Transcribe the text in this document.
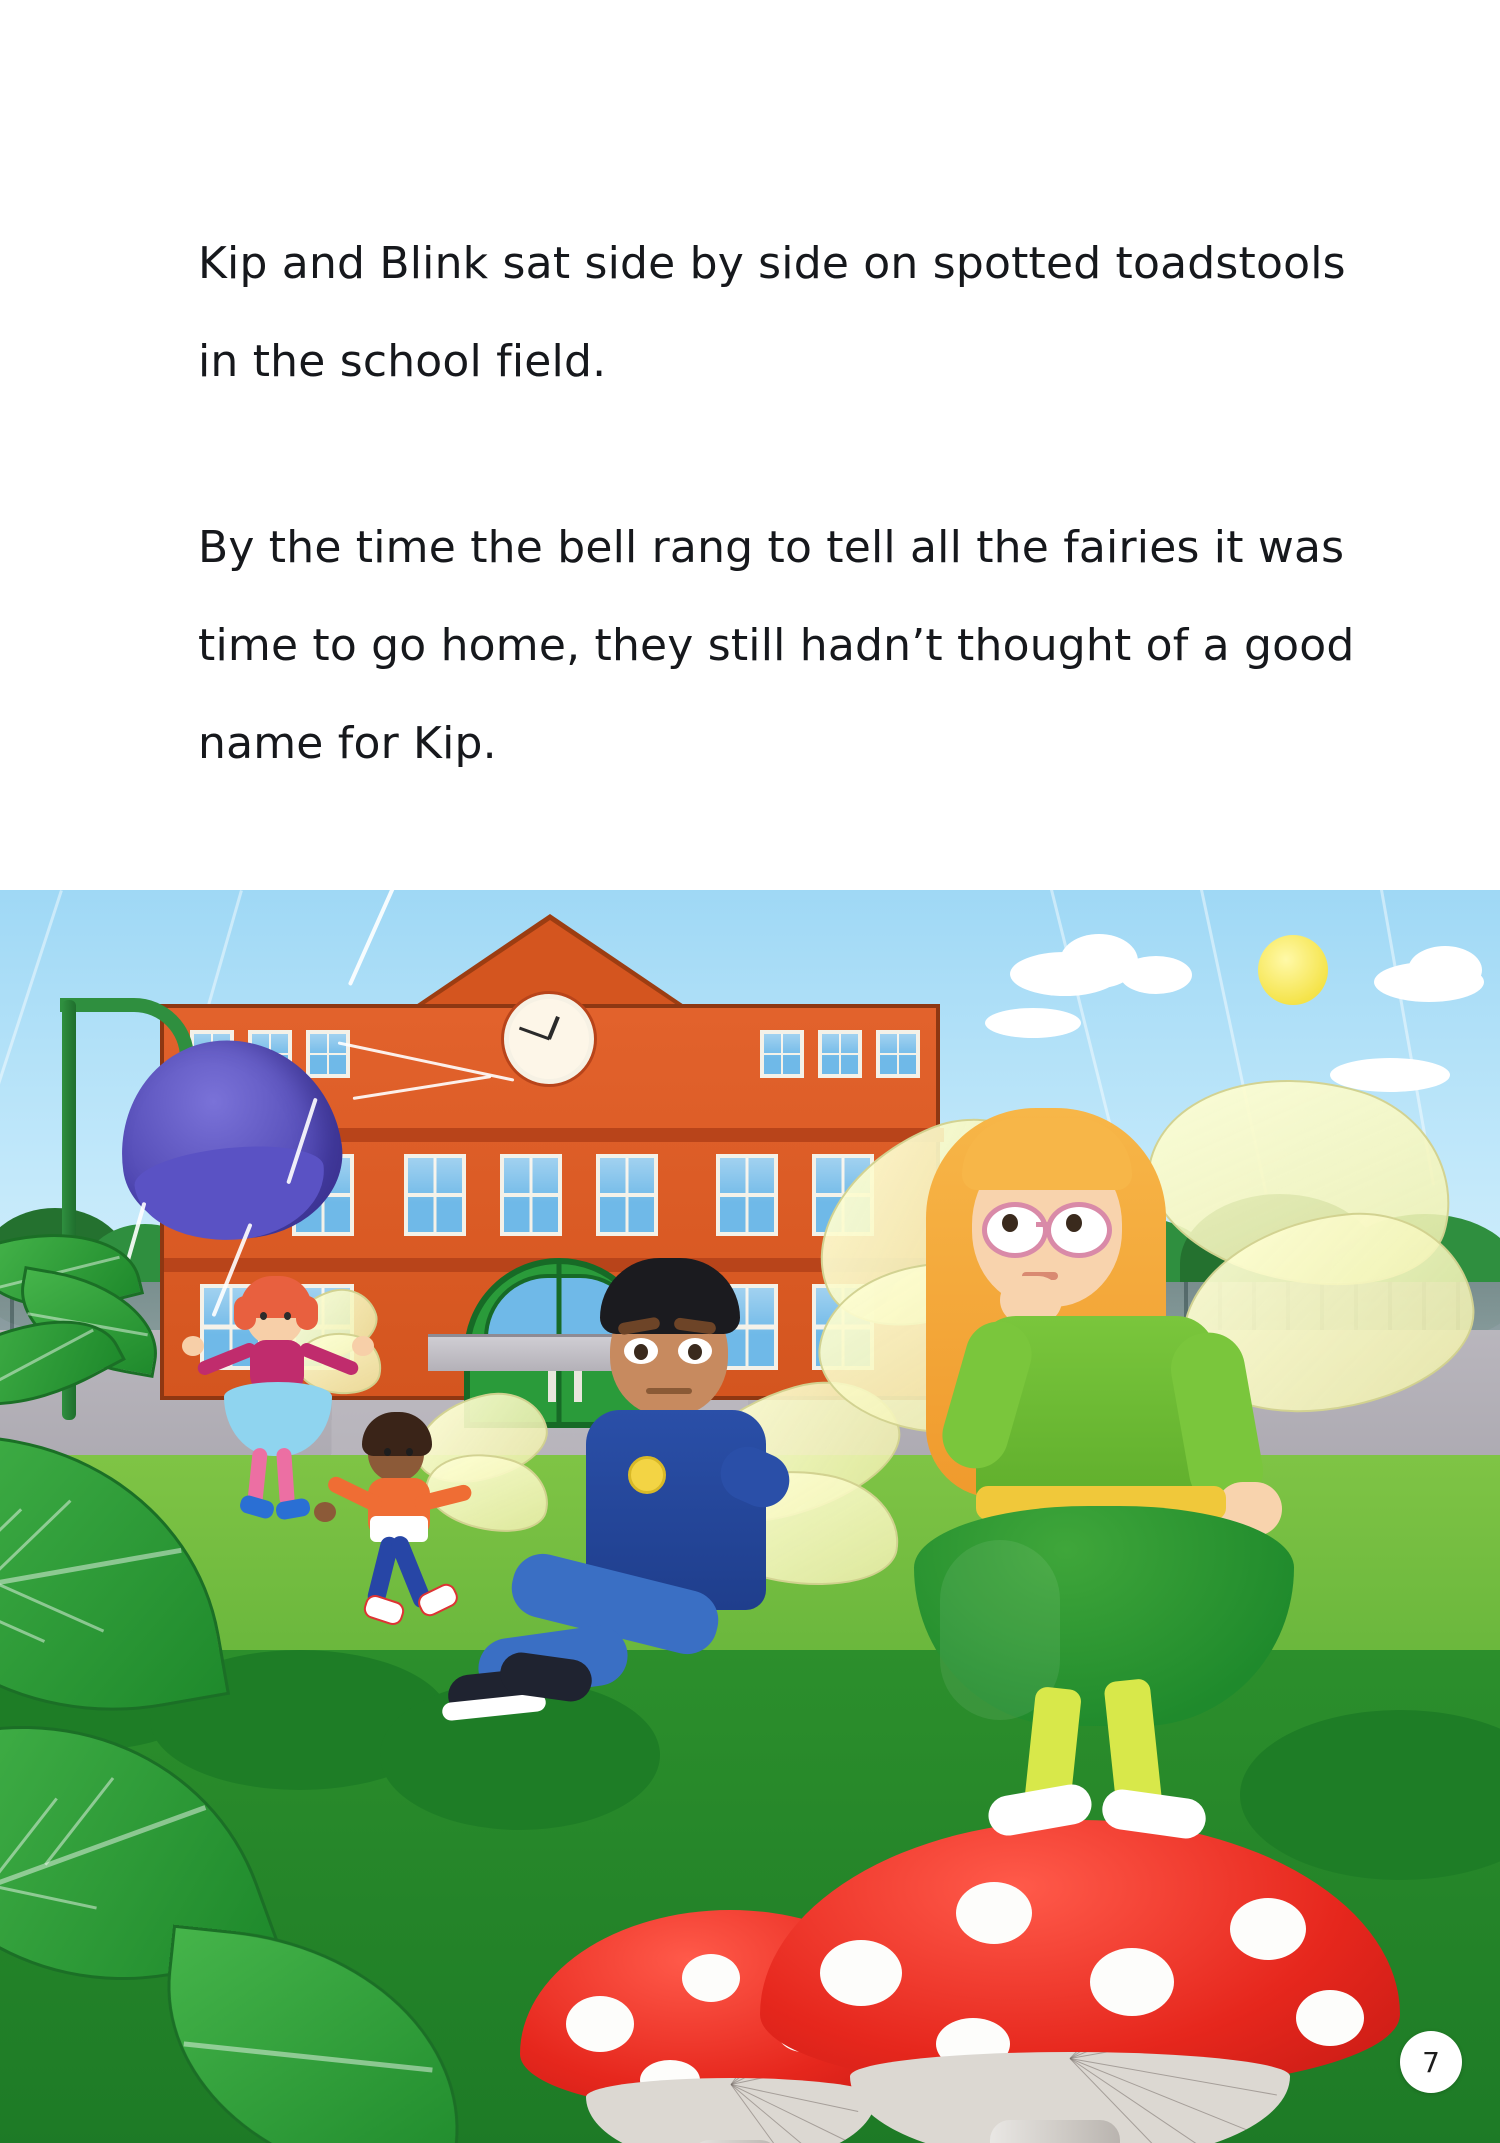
Kip and Blink sat side by side on spotted toadstools in the school field.

By the time the bell rang to tell all the fairies it was time to go home, they still hadn’t thought of a good name for Kip.

7
